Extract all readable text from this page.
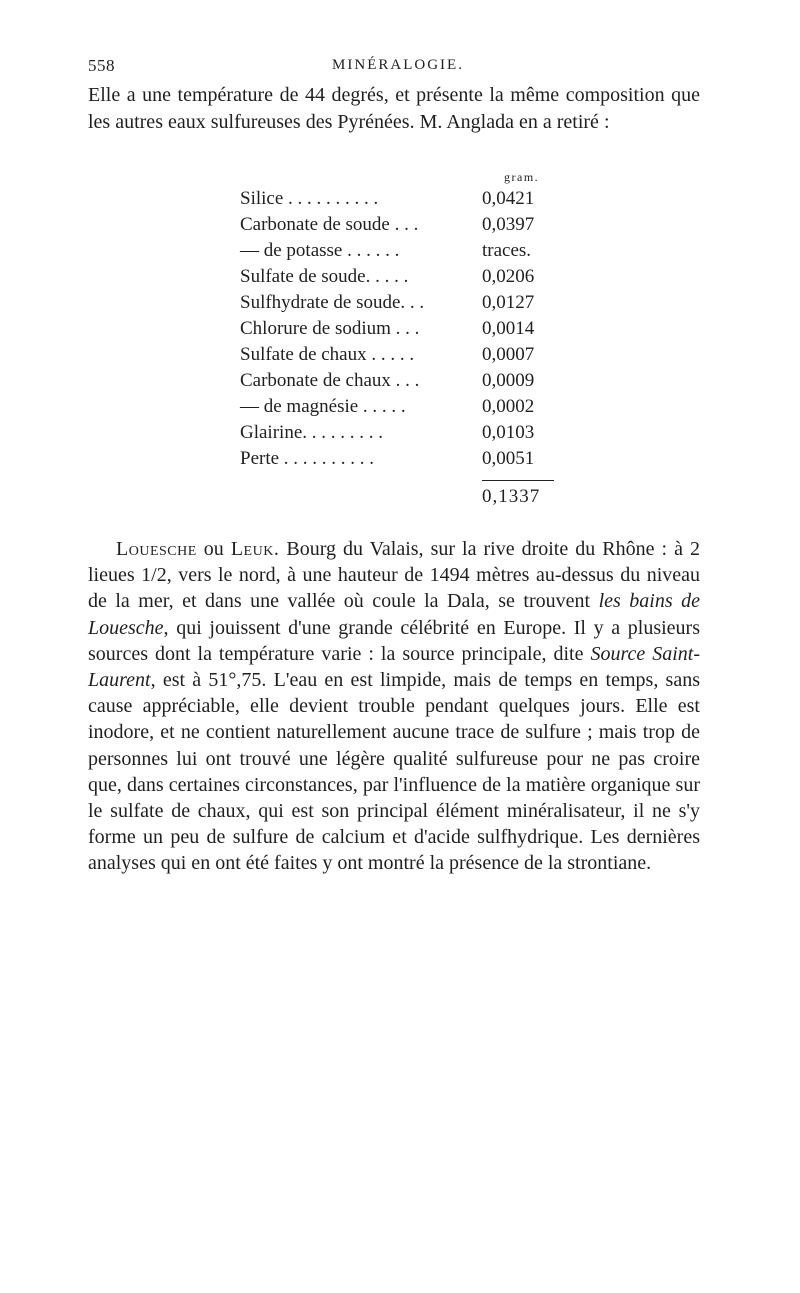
558	MINÉRALOGIE.

Elle a une température de 44 degrés, et présente la même composition que les autres eaux sulfureuses des Pyrénées. M. Anglada en a retiré :

gram.
Silice . . . . . . . . . .	0,0421
Carbonate de soude . . .	0,0397
— de potasse . . . . . .	traces.
Sulfate de soude. . . . .	0,0206
Sulfhydrate de soude. . .	0,0127
Chlorure de sodium . . .	0,0014
Sulfate de chaux . . . . .	0,0007
Carbonate de chaux . . .	0,0009
— de magnésie . . . . .	0,0002
Glairine. . . . . . . . .	0,0103
Perte . . . . . . . . . .	0,0051
0,1337

Louesche ou Leuk. Bourg du Valais, sur la rive droite du Rhône : à 2 lieues 1/2, vers le nord, à une hauteur de 1494 mètres au-dessus du niveau de la mer, et dans une vallée où coule la Dala, se trouvent les bains de Louesche, qui jouissent d'une grande célébrité en Europe. Il y a plusieurs sources dont la température varie : la source principale, dite Source Saint-Laurent, est à 51°,75. L'eau en est limpide, mais de temps en temps, sans cause appréciable, elle devient trouble pendant quelques jours. Elle est inodore, et ne contient naturellement aucune trace de sulfure ; mais trop de personnes lui ont trouvé une légère qualité sulfureuse pour ne pas croire que, dans certaines circonstances, par l'influence de la matière organique sur le sulfate de chaux, qui est son principal élément minéralisateur, il ne s'y forme un peu de sulfure de calcium et d'acide sulfhydrique. Les dernières analyses qui en ont été faites y ont montré la présence de la strontiane.
